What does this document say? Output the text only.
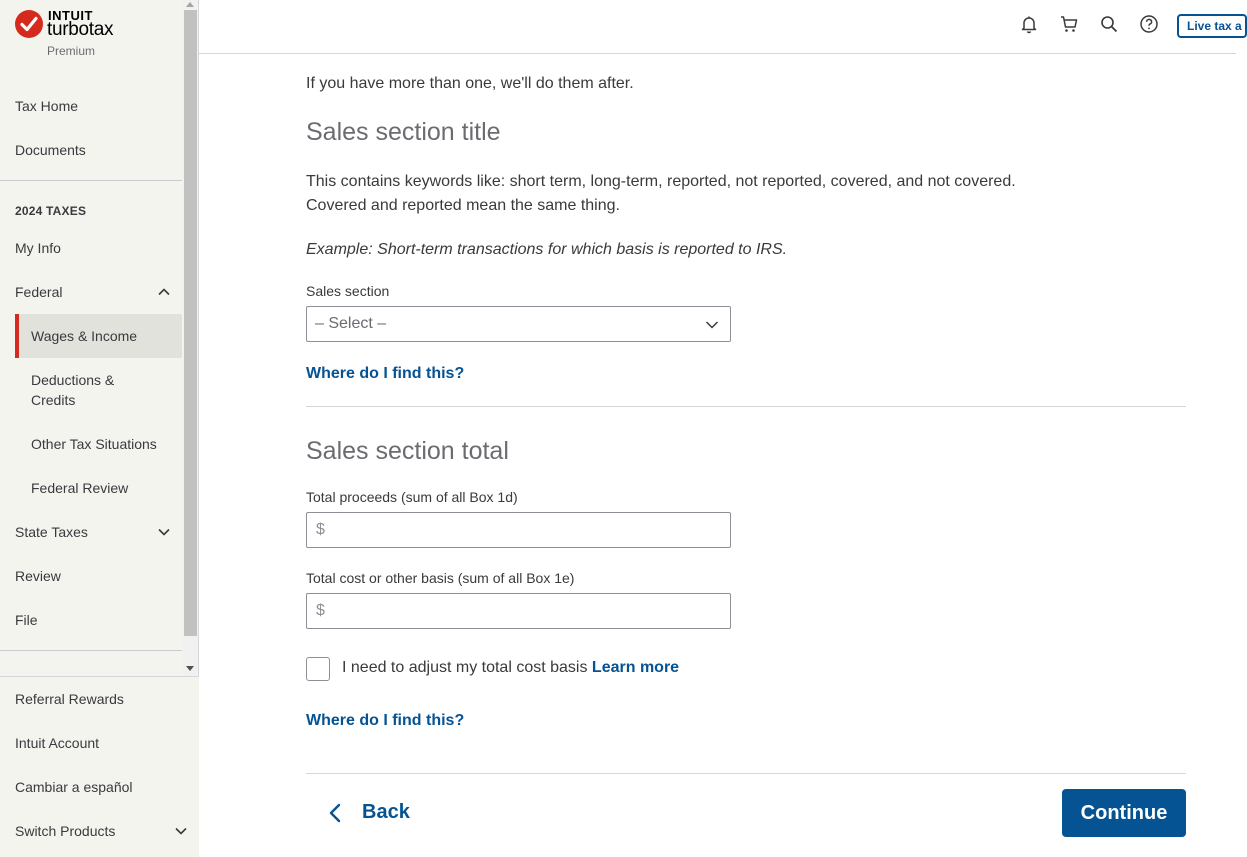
INTUIT
turbotax
Premium
Tax Home
Documents
2024 TAXES
My Info
Federal
Wages & Income
Deductions & Credits
Other Tax Situations
Federal Review
State Taxes
Review
File
Referral Rewards
Intuit Account
Cambiar a español
Switch Products
Live tax a
If you have more than one, we'll do them after.
Sales section title
This contains keywords like: short term, long-term, reported, not reported, covered, and not covered.
Covered and reported mean the same thing.
Example: Short-term transactions for which basis is reported to IRS.
Sales section
– Select –
Where do I find this?
Sales section total
Total proceeds (sum of all Box 1d)
$
Total cost or other basis (sum of all Box 1e)
$
I need to adjust my total cost basis Learn more
Where do I find this?
Back	Continue
